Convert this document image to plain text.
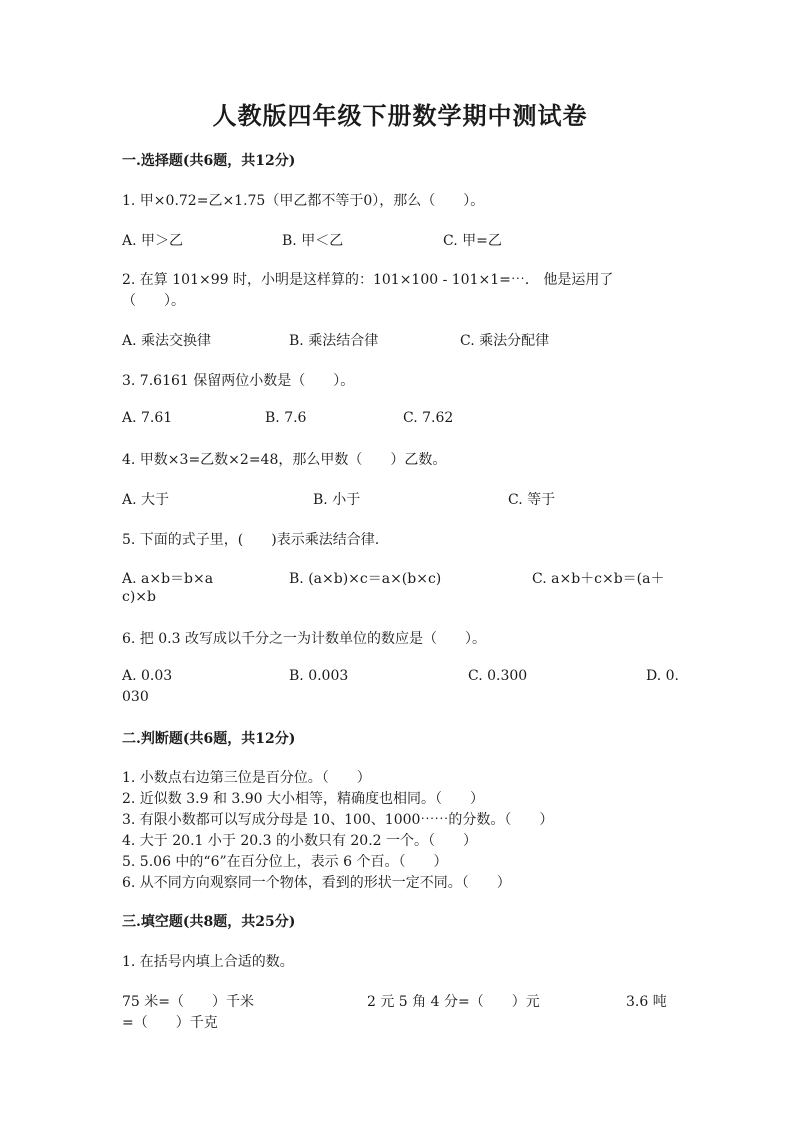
人教版四年级下册数学期中测试卷
一.选择题(共6题，共12分)
1. 甲×0.72=乙×1.75（甲乙都不等于0），那么（　　）。
A. 甲＞乙	B. 甲＜乙	C. 甲=乙
2. 在算 101×99 时，小明是这样算的：101×100 - 101×1=⋯． 他是运用了
（　　）。
A. 乘法交换律	B. 乘法结合律	C. 乘法分配律
3. 7.6161 保留两位小数是（　　）。
A. 7.61	B. 7.6	C. 7.62
4. 甲数×3=乙数×2=48，那么甲数（　　）乙数。
A. 大于	B. 小于	C. 等于
5. 下面的式子里，(　　)表示乘法结合律.
A. a×b＝b×a	B. (a×b)×c＝a×(b×c)	C. a×b＋c×b＝(a＋
c)×b
6. 把 0.3 改写成以千分之一为计数单位的数应是（　　）。
A. 0.03	B. 0.003	C. 0.300	D. 0.
030
二.判断题(共6题，共12分)
1. 小数点右边第三位是百分位。（　　）
2. 近似数 3.9 和 3.90 大小相等，精确度也相同。（　　）
3. 有限小数都可以写成分母是 10、100、1000⋯⋯的分数。（　　）
4. 大于 20.1 小于 20.3 的小数只有 20.2 一个。（　　）
5. 5.06 中的“6”在百分位上，表示 6 个百。（　　）
6. 从不同方向观察同一个物体，看到的形状一定不同。（　　）
三.填空题(共8题，共25分)
1. 在括号内填上合适的数。
75 米=（　　）千米	2 元 5 角 4 分=（　　）元	3.6 吨
=（　　）千克
